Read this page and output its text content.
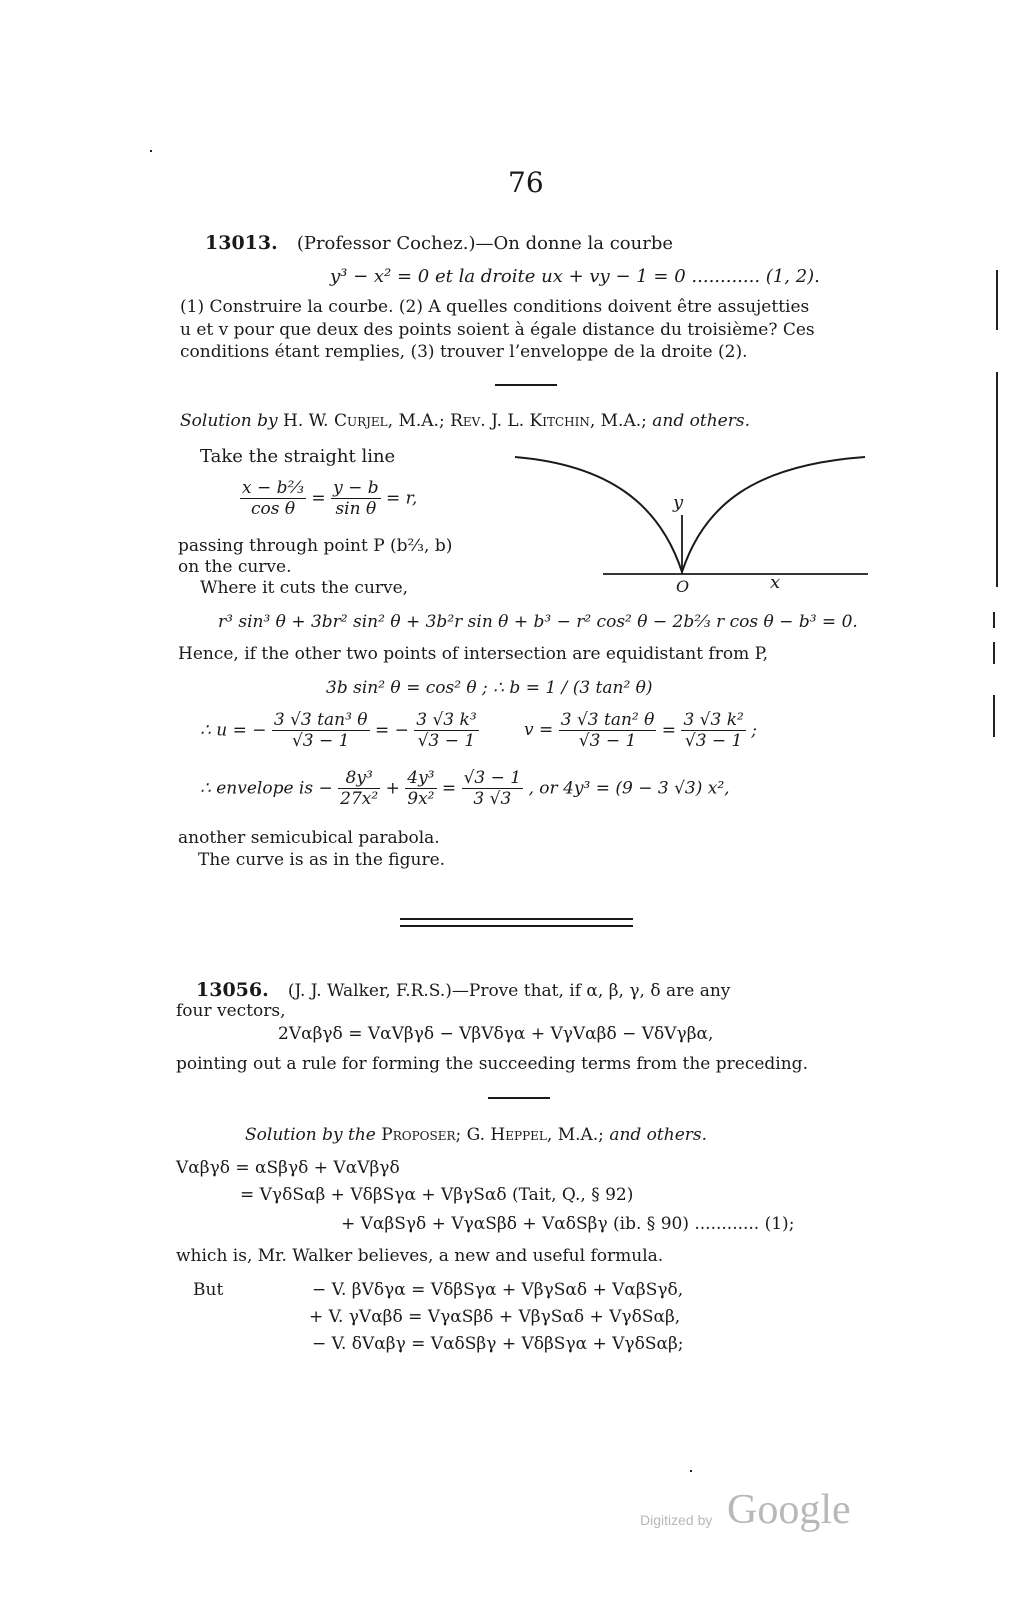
76
13013. (Professor Cochez.)—On donne la courbe
y³ − x² = 0 et la droite ux + vy − 1 = 0 ............ (1, 2).
(1) Construire la courbe. (2) A quelles conditions doivent être assujetties
u et v pour que deux des points soient à égale distance du troisième? Ces
conditions étant remplies, (3) trouver l’enveloppe de la droite (2).
Solution by H. W. Curjel, M.A.; Rev. J. L. Kitchin, M.A.; and others.
Take the straight line
$\frac{\text{x − b⅔}}{\text{cos θ}} = \frac{y - b}{\text{sin θ}} = r$,
passing through point P (b⅔, b)
on the curve.
Where it cuts the curve,
y
O	x
r³ sin³ θ + 3br² sin² θ + 3b²r sin θ + b³ − r² cos² θ − 2b⅔ r cos θ − b³ = 0.
Hence, if the other two points of intersection are equidistant from P,
3b sin² θ = cos² θ ; ∴ b = 1 / (3 tan² θ)
∴ u = − $\frac{\text{3 √3 tan³ θ}}{√3 - 1}$ = − $\frac{\text{3 √3 k³}}{√3 - 1}$	$v = \frac{\text{3 √3 tan² θ}}{√3 - 1} = \frac{\text{3 √3 k²}}{√3 - 1}$ ;
∴ envelope is − $\frac{\text{8y³}}{\text{27x²}} + \frac{\text{4y³}}{\text{9x²}} = \frac{√3 - 1}{3 √3}$ , or 4y³ = (9 − 3 √3) x²,
another semicubical parabola.
The curve is as in the figure.
13056. (J. J. Walker, F.R.S.)—Prove that, if α, β, γ, δ are any
four vectors,
2Vαβγδ = VαVβγδ − VβVδγα + VγVαβδ − VδVγβα,
pointing out a rule for forming the succeeding terms from the preceding.
Solution by the Proposer; G. Heppel, M.A.; and others.
Vαβγδ = αSβγδ + VαVβγδ
= VγδSαβ + VδβSγα + VβγSαδ (Tait, Q., § 92)
+ VαβSγδ + VγαSβδ + VαδSβγ (ib. § 90) ............ (1);
which is, Mr. Walker believes, a new and useful formula.
But	− V. βVδγα = VδβSγα + VβγSαδ + VαβSγδ,
+ V. γVαβδ = VγαSβδ + VβγSαδ + VγδSαβ,
− V. δVαβγ = VαδSβγ + VδβSγα + VγδSαβ;
Digitized by Google
